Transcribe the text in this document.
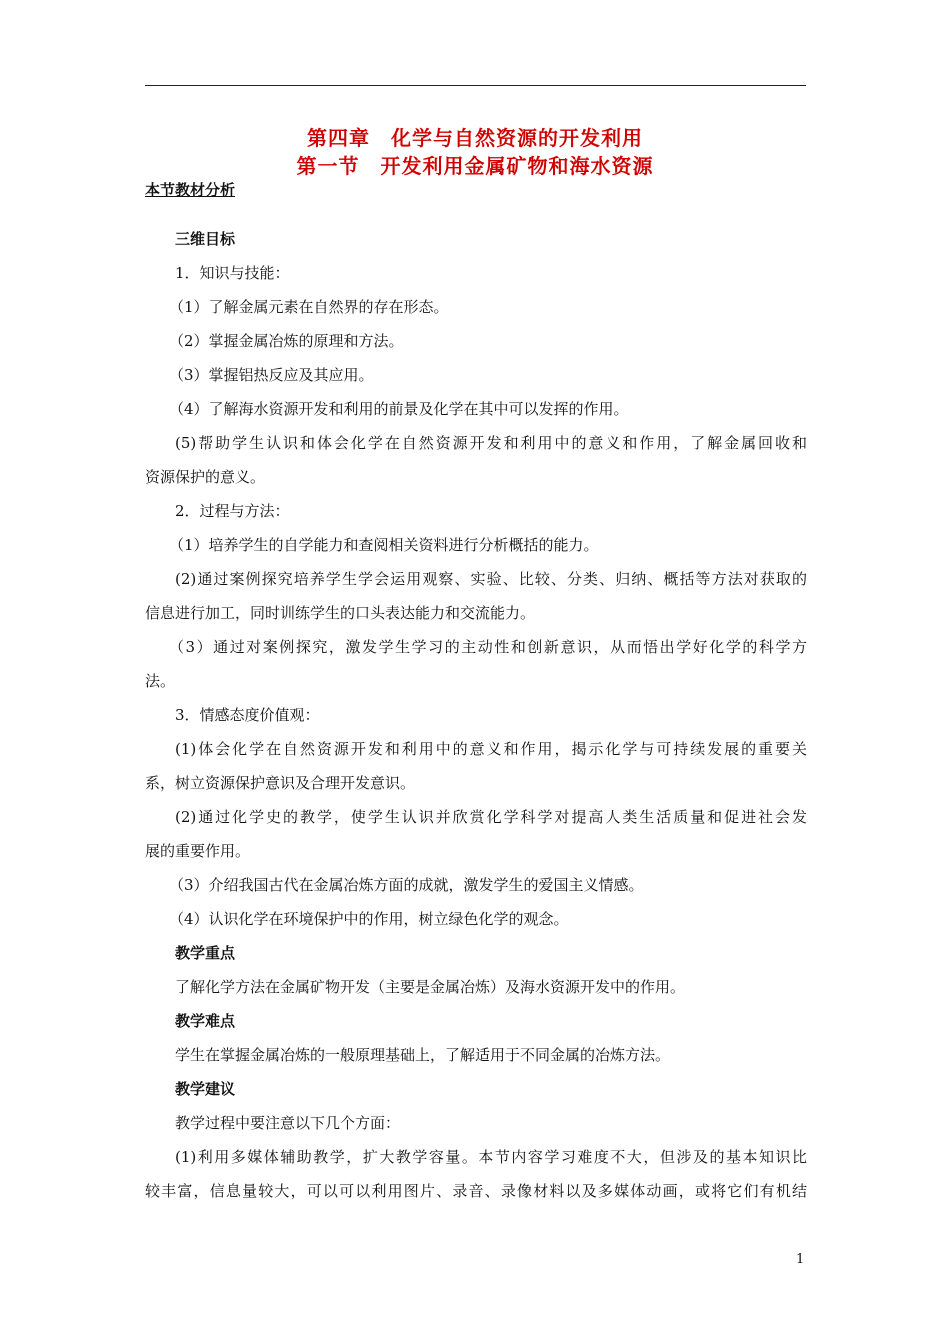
第四章　化学与自然资源的开发利用
第一节　开发利用金属矿物和海水资源
本节教材分析
三维目标
1．知识与技能：
（1）了解金属元素在自然界的存在形态。
（2）掌握金属冶炼的原理和方法。
（3）掌握铝热反应及其应用。
（4）了解海水资源开发和利用的前景及化学在其中可以发挥的作用。
(5)帮助学生认识和体会化学在自然资源开发和利用中的意义和作用，了解金属回收和
资源保护的意义。
2．过程与方法：
（1）培养学生的自学能力和查阅相关资料进行分析概括的能力。
(2)通过案例探究培养学生学会运用观察、实验、比较、分类、归纳、概括等方法对获取的
信息进行加工，同时训练学生的口头表达能力和交流能力。
（3）通过对案例探究，激发学生学习的主动性和创新意识，从而悟出学好化学的科学方
法。
3．情感态度价值观：
(1)体会化学在自然资源开发和利用中的意义和作用，揭示化学与可持续发展的重要关
系，树立资源保护意识及合理开发意识。
(2)通过化学史的教学，使学生认识并欣赏化学科学对提高人类生活质量和促进社会发
展的重要作用。
（3）介绍我国古代在金属冶炼方面的成就，激发学生的爱国主义情感。
（4）认识化学在环境保护中的作用，树立绿色化学的观念。
教学重点
了解化学方法在金属矿物开发（主要是金属冶炼）及海水资源开发中的作用。
教学难点
学生在掌握金属冶炼的一般原理基础上，了解适用于不同金属的冶炼方法。
教学建议
教学过程中要注意以下几个方面：
(1)利用多媒体辅助教学，扩大教学容量。本节内容学习难度不大，但涉及的基本知识比
较丰富，信息量较大，可以可以利用图片、录音、录像材料以及多媒体动画，或将它们有机结
1
